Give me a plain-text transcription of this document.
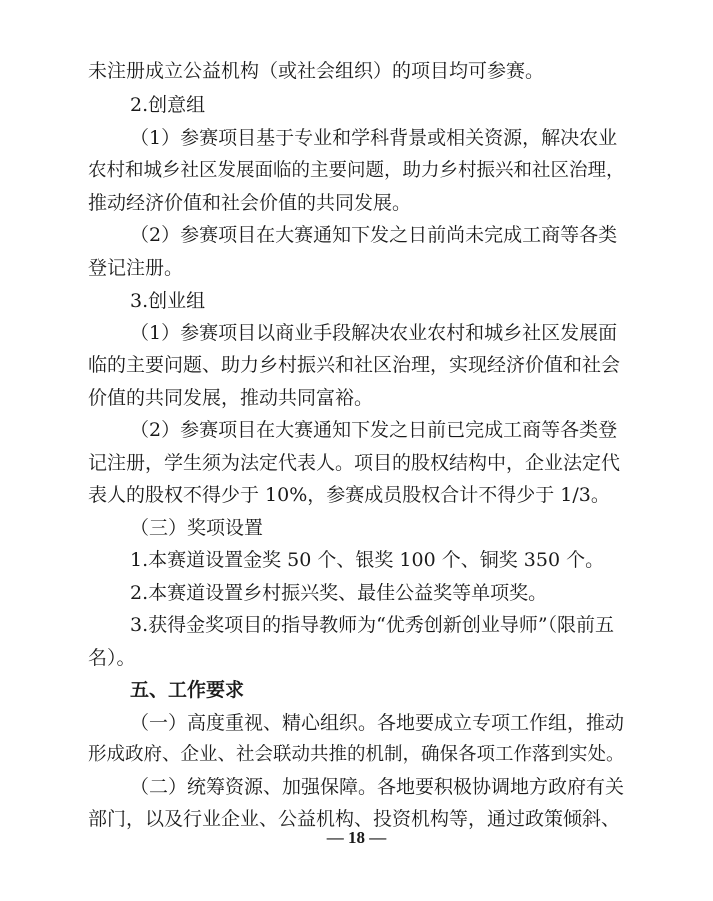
未注册成立公益机构（或社会组织）的项目均可参赛。
2.创意组
（1）参赛项目基于专业和学科背景或相关资源，解决农业
农村和城乡社区发展面临的主要问题，助力乡村振兴和社区治理，
推动经济价值和社会价值的共同发展。
（2）参赛项目在大赛通知下发之日前尚未完成工商等各类
登记注册。
3.创业组
（1）参赛项目以商业手段解决农业农村和城乡社区发展面
临的主要问题、助力乡村振兴和社区治理，实现经济价值和社会
价值的共同发展，推动共同富裕。
（2）参赛项目在大赛通知下发之日前已完成工商等各类登
记注册，学生须为法定代表人。项目的股权结构中，企业法定代
表人的股权不得少于 10%，参赛成员股权合计不得少于 1/3。
（三）奖项设置
1.本赛道设置金奖 50 个、银奖 100 个、铜奖 350 个。
2.本赛道设置乡村振兴奖、最佳公益奖等单项奖。
3.获得金奖项目的指导教师为“优秀创新创业导师”（限前五
名）。
五、工作要求
（一）高度重视、精心组织。各地要成立专项工作组，推动
形成政府、企业、社会联动共推的机制，确保各项工作落到实处。
（二）统筹资源、加强保障。各地要积极协调地方政府有关
部门，以及行业企业、公益机构、投资机构等，通过政策倾斜、
— 18 —
